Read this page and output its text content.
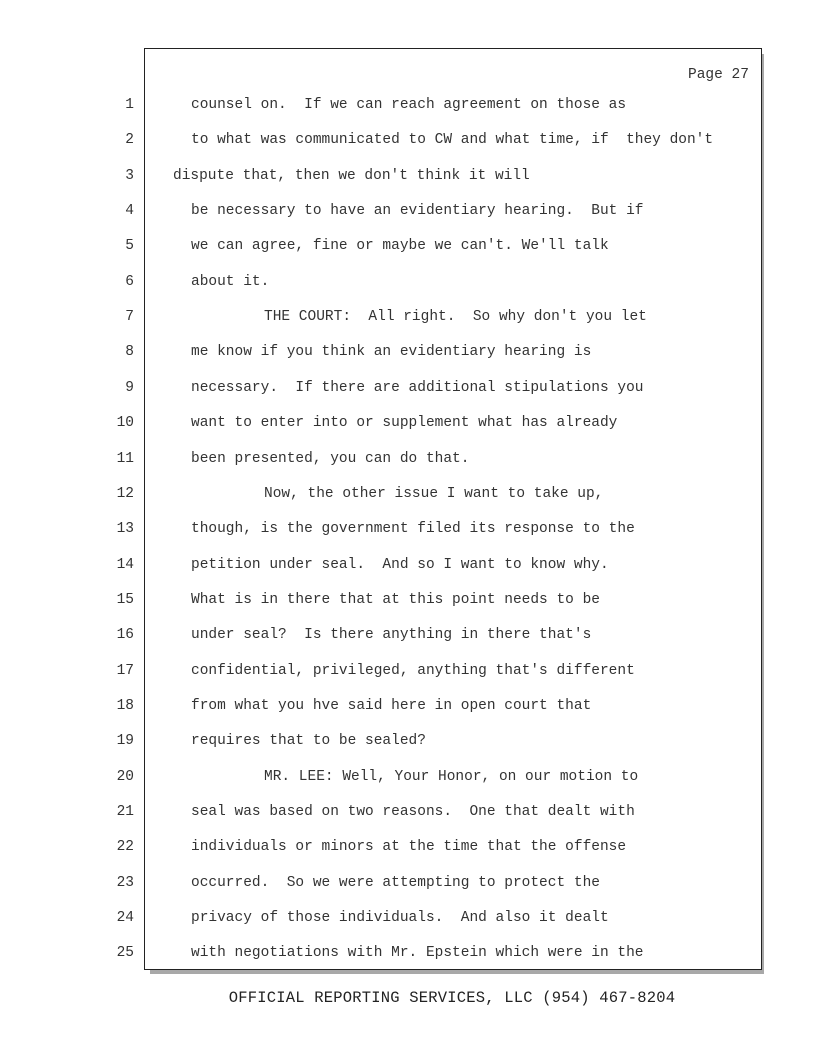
Page 27
1
2
3
4
5
6
7
8
9
10
11
12
13
14
15
16
17
18
19
20
21
22
23
24
25
counsel on.  If we can reach agreement on those as
to what was communicated to CW and what time, if  they don't
dispute that, then we don't think it will
be necessary to have an evidentiary hearing.  But if
we can agree, fine or maybe we can't. We'll talk
about it.
THE COURT:  All right.  So why don't you let
me know if you think an evidentiary hearing is
necessary.  If there are additional stipulations you
want to enter into or supplement what has already
been presented, you can do that.
Now, the other issue I want to take up,
though, is the government filed its response to the
petition under seal.  And so I want to know why.
What is in there that at this point needs to be
under seal?  Is there anything in there that's
confidential, privileged, anything that's different
from what you hve said here in open court that
requires that to be sealed?
MR. LEE: Well, Your Honor, on our motion to
seal was based on two reasons.  One that dealt with
individuals or minors at the time that the offense
occurred.  So we were attempting to protect the
privacy of those individuals.  And also it dealt
with negotiations with Mr. Epstein which were in the
OFFICIAL REPORTING SERVICES, LLC (954) 467-8204
